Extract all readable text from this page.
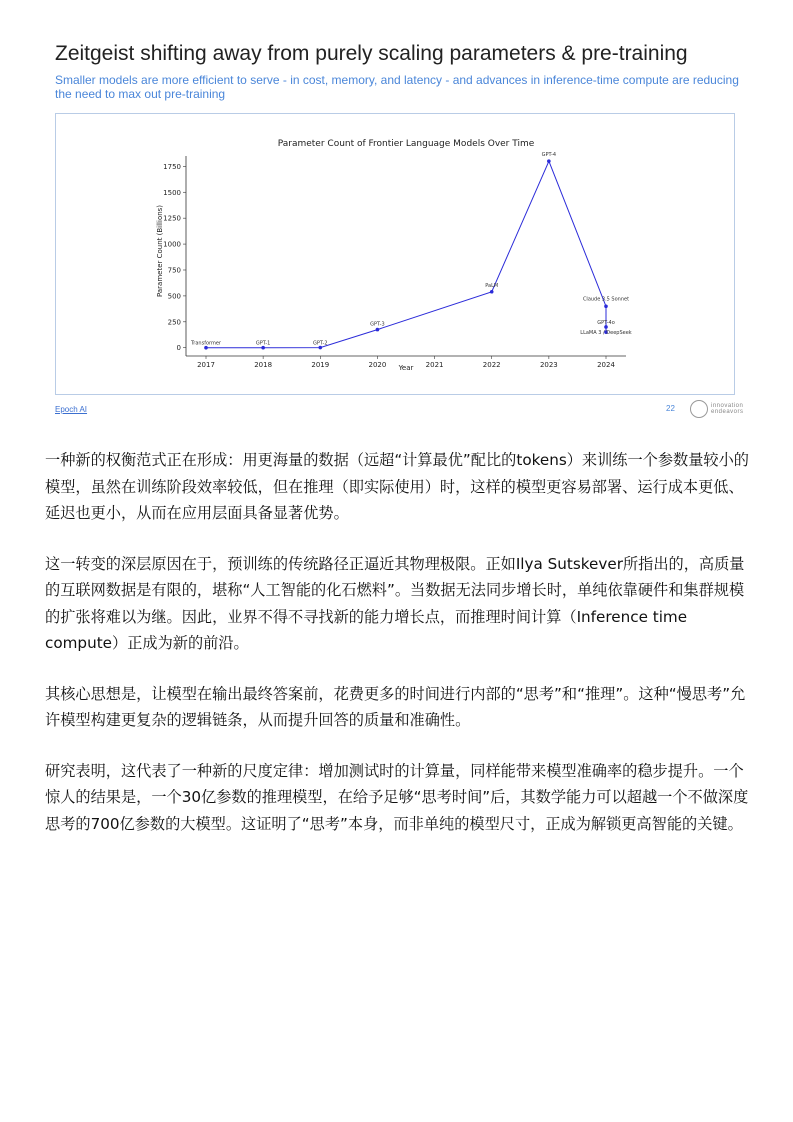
Zeitgeist shifting away from purely scaling parameters & pre-training

Smaller models are more efficient to serve - in cost, memory, and latency - and advances in inference-time compute are reducing the need to max out pre-training

Parameter Count of Frontier Language Models Over Time
Year
Parameter Count (Billions)
2017	2018	2019	2020	2021	2022	2023	2024
0
250
500
750
1000
1250
1500
1750
Transformer	GPT-1	GPT-2
GPT-3
PaLM
GPT-4
Claude 3.5 Sonnet
GPT-4o
LLaMA 3 / DeepSeek
Epoch AI	22	innovation
endeavors

一种新的权衡范式正在形成：用更海量的数据（远超“计算最优”配比的tokens）来训练一个参数量较小的模型，虽然在训练阶段效率较低，但在推理（即实际使用）时，这样的模型更容易部署、运行成本更低、延迟也更小，从而在应用层面具备显著优势。

这一转变的深层原因在于，预训练的传统路径正逼近其物理极限。正如Ilya Sutskever所指出的，高质量的互联网数据是有限的，堪称“人工智能的化石燃料”。当数据无法同步增长时，单纯依靠硬件和集群规模的扩张将难以为继。因此，业界不得不寻找新的能力增长点，而推理时间计算（Inference time compute）正成为新的前沿。

其核心思想是，让模型在输出最终答案前，花费更多的时间进行内部的“思考”和“推理”。这种“慢思考”允许模型构建更复杂的逻辑链条，从而提升回答的质量和准确性。

研究表明，这代表了一种新的尺度定律：增加测试时的计算量，同样能带来模型准确率的稳步提升。一个惊人的结果是，一个30亿参数的推理模型，在给予足够“思考时间”后，其数学能力可以超越一个不做深度思考的700亿参数的大模型。这证明了“思考”本身，而非单纯的模型尺寸，正成为解锁更高智能的关键。
